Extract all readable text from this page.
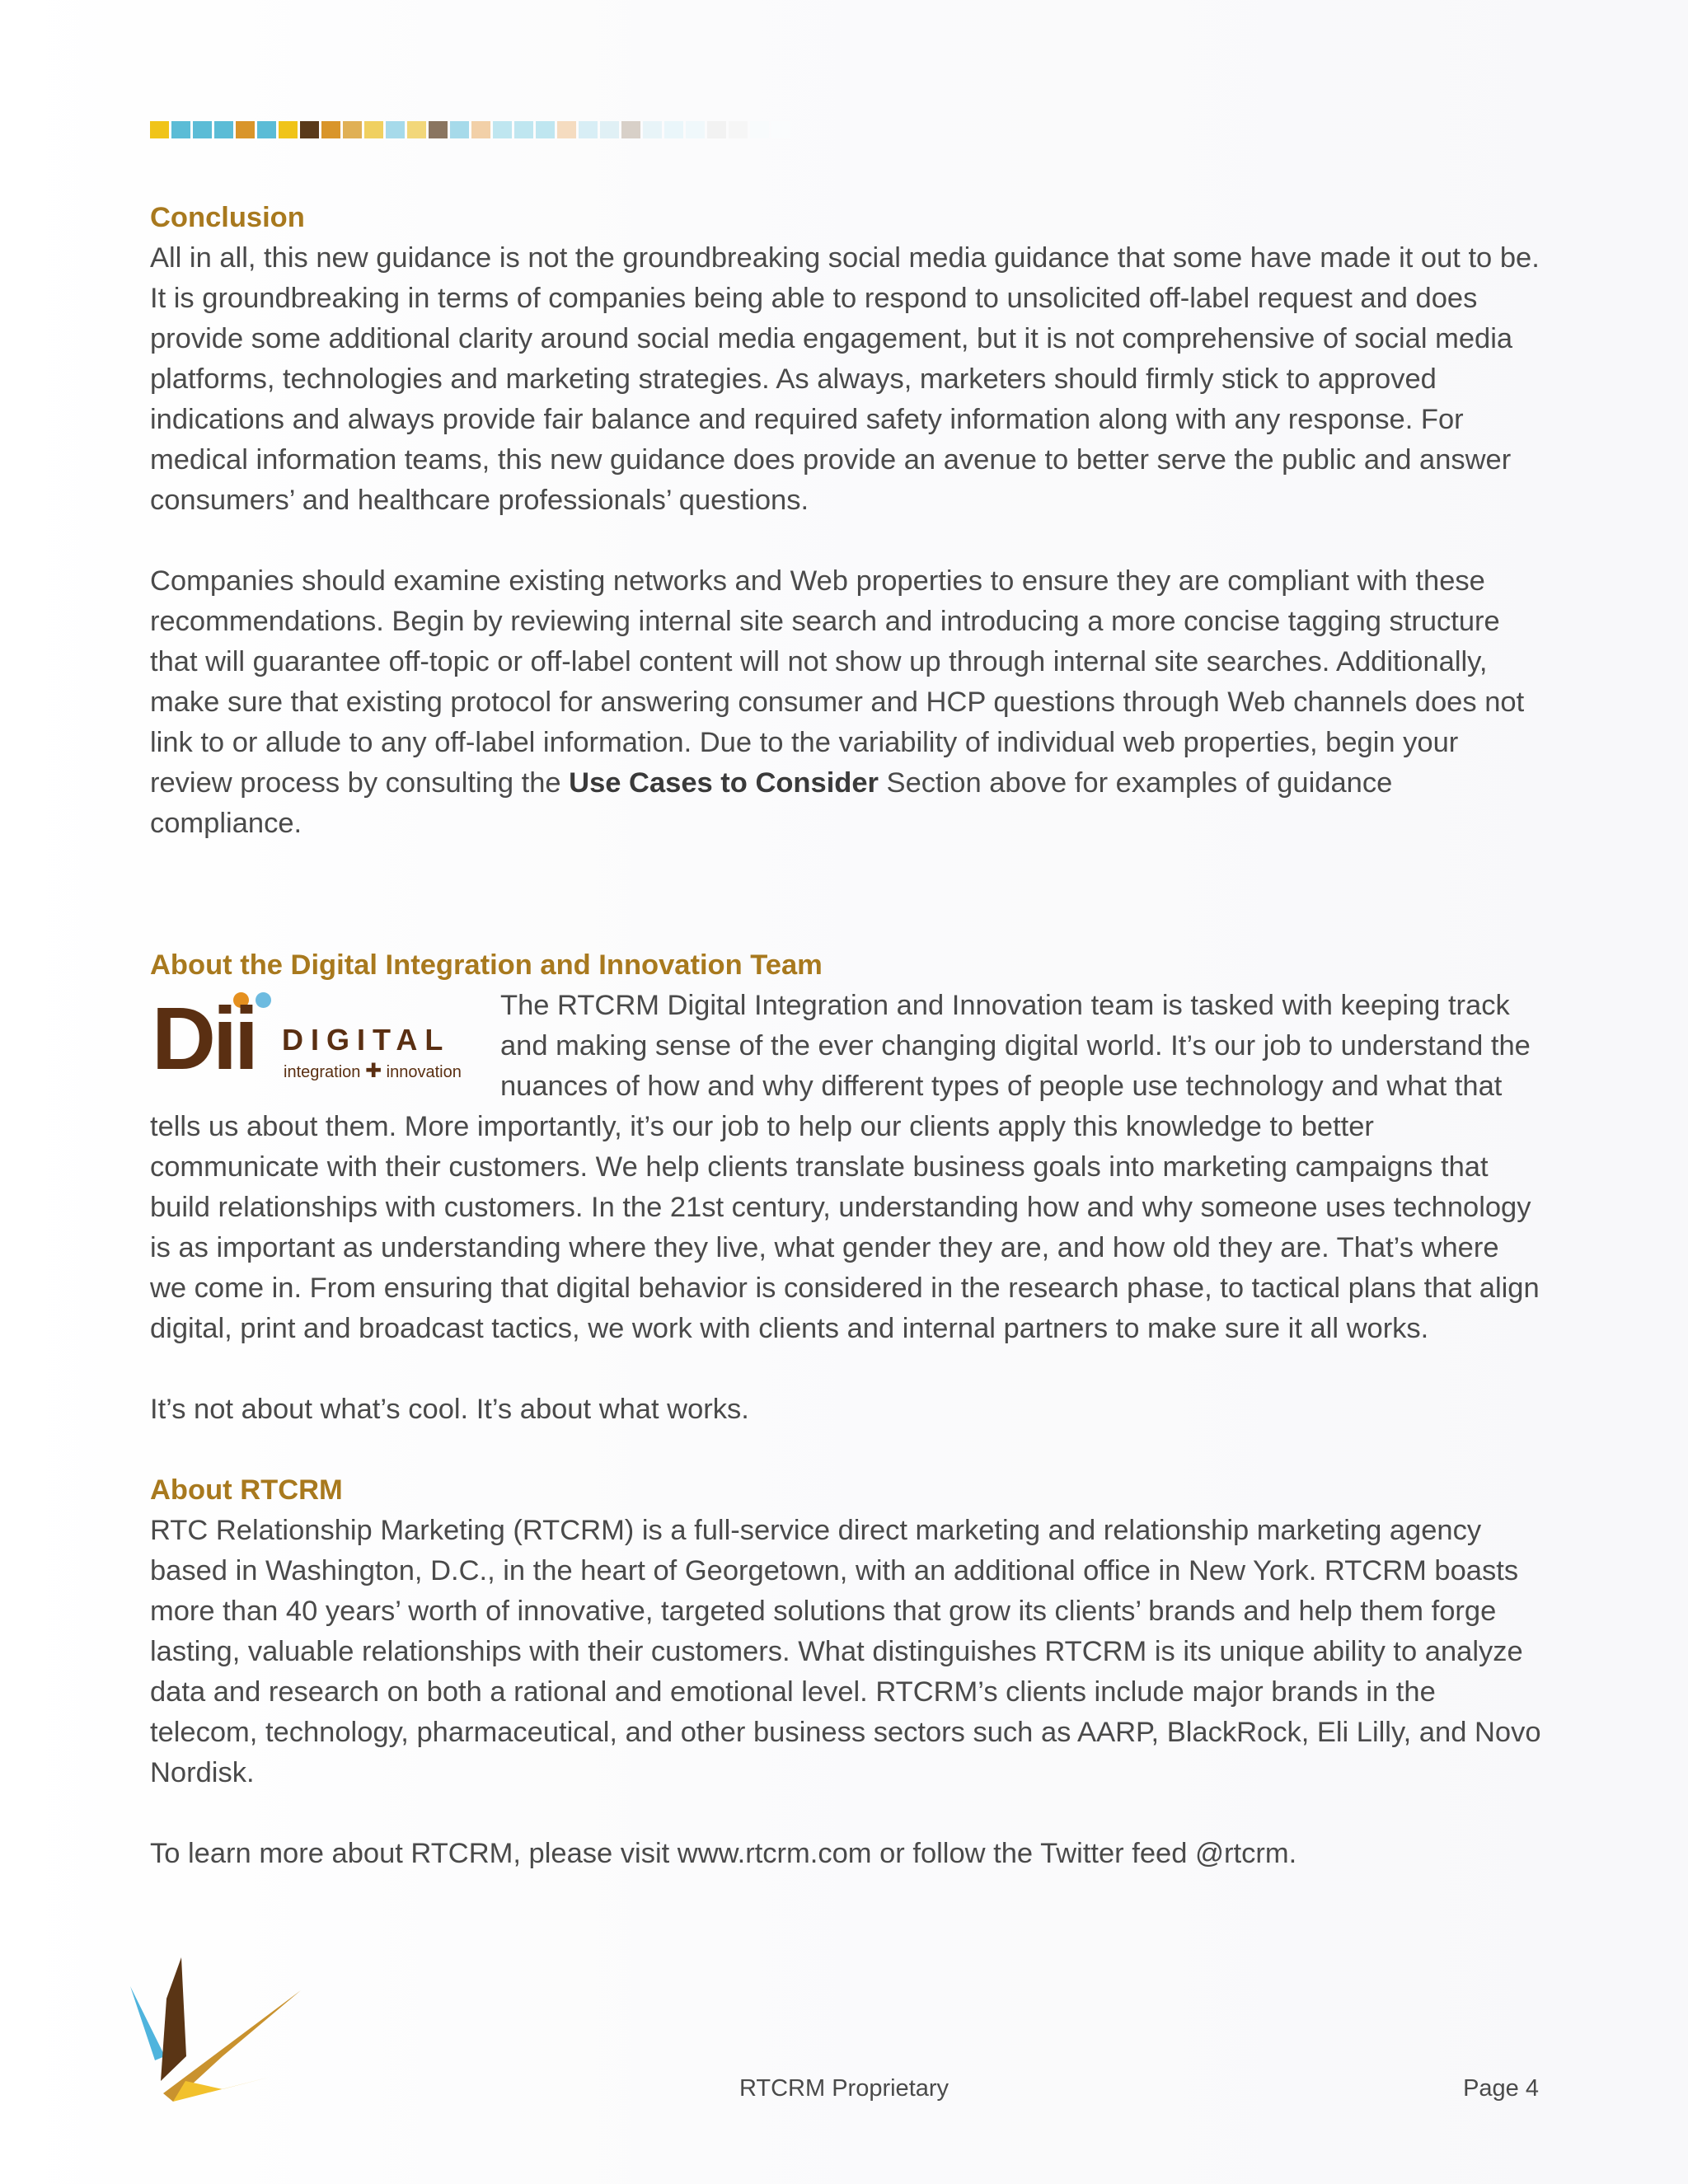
Conclusion

All in all, this new guidance is not the groundbreaking social media guidance that some have made it out to be. It is groundbreaking in terms of companies being able to respond to unsolicited off-label request and does provide some additional clarity around social media engagement, but it is not comprehensive of social media platforms, technologies and marketing strategies. As always, marketers should firmly stick to approved indications and always provide fair balance and required safety information along with any response. For medical information teams, this new guidance does provide an avenue to better serve the public and answer consumers’ and healthcare professionals’ questions.

Companies should examine existing networks and Web properties to ensure they are compliant with these recommendations. Begin by reviewing internal site search and introducing a more concise tagging structure that will guarantee off-topic or off-label content will not show up through internal site searches. Additionally, make sure that existing protocol for answering consumer and HCP questions through Web channels does not link to or allude to any off-label information. Due to the variability of individual web properties, begin your review process by consulting the Use Cases to Consider Section above for examples of guidance compliance.

About the Digital Integration and Innovation Team

Dii DIGITAL
integration ✚ innovation

The RTCRM Digital Integration and Innovation team is tasked with keeping track and making sense of the ever changing digital world. It’s our job to understand the nuances of how and why different types of people use technology and what that tells us about them. More importantly, it’s our job to help our clients apply this knowledge to better communicate with their customers. We help clients translate business goals into marketing campaigns that build relationships with customers. In the 21st century, understanding how and why someone uses technology is as important as understanding where they live, what gender they are, and how old they are. That’s where we come in. From ensuring that digital behavior is considered in the research phase, to tactical plans that align digital, print and broadcast tactics, we work with clients and internal partners to make sure it all works.

It’s not about what’s cool. It’s about what works.

About RTCRM

RTC Relationship Marketing (RTCRM) is a full-service direct marketing and relationship marketing agency based in Washington, D.C., in the heart of Georgetown, with an additional office in New York. RTCRM boasts more than 40 years’ worth of innovative, targeted solutions that grow its clients’ brands and help them forge lasting, valuable relationships with their customers. What distinguishes RTCRM is its unique ability to analyze data and research on both a rational and emotional level. RTCRM’s clients include major brands in the telecom, technology, pharmaceutical, and other business sectors such as AARP, BlackRock, Eli Lilly, and Novo Nordisk.

To learn more about RTCRM, please visit www.rtcrm.com or follow the Twitter feed @rtcrm.

RTCRM Proprietary	Page 4
